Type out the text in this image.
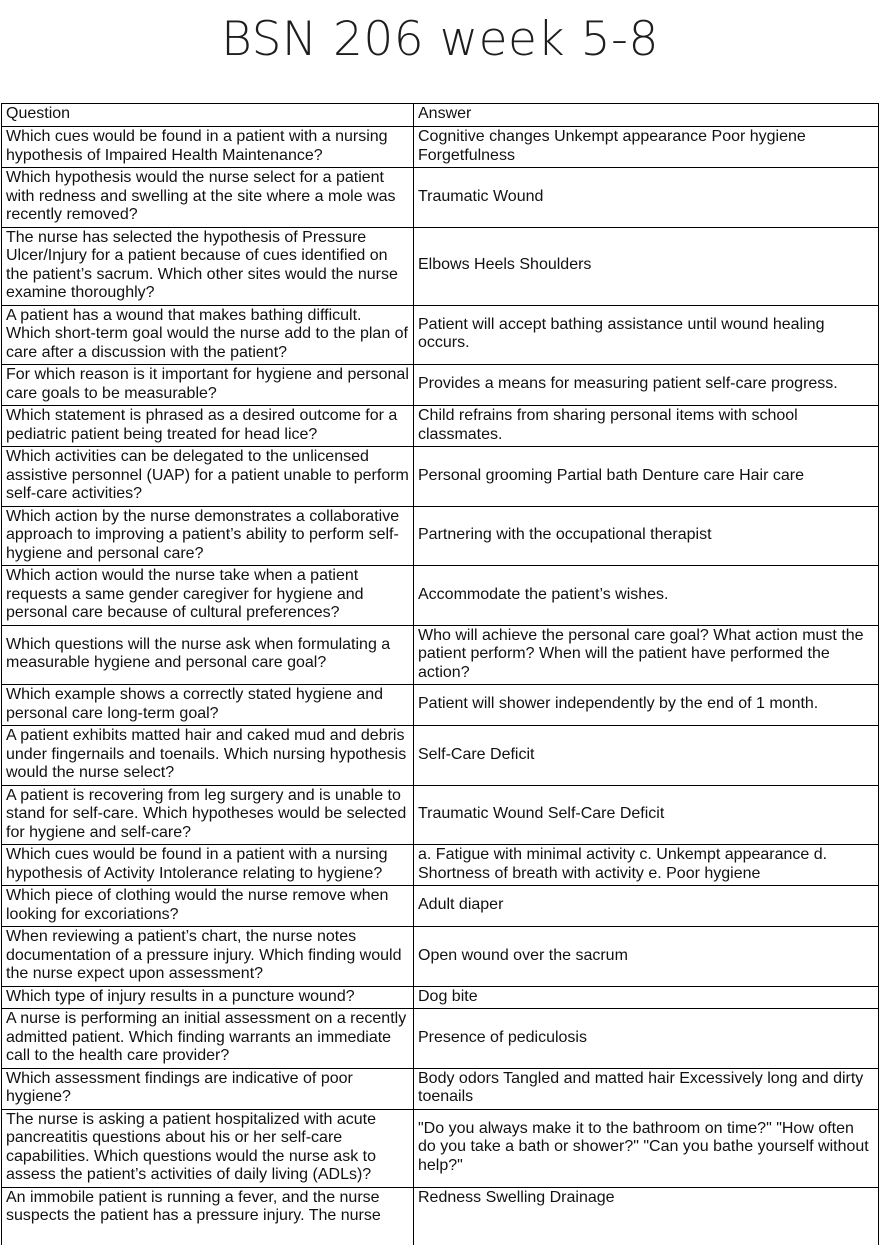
BSN 206 week 5-8
Question	Answer
Which cues would be found in a patient with a nursing hypothesis of Impaired Health Maintenance?	Cognitive changes Unkempt appearance Poor hygiene Forgetfulness
Which hypothesis would the nurse select for a patient with redness and swelling at the site where a mole was recently removed?	Traumatic Wound
The nurse has selected the hypothesis of Pressure Ulcer/Injury for a patient because of cues identified on the patient’s sacrum. Which other sites would the nurse examine thoroughly?	Elbows Heels Shoulders
A patient has a wound that makes bathing difficult. Which short-term goal would the nurse add to the plan of care after a discussion with the patient?	Patient will accept bathing assistance until wound healing occurs.
For which reason is it important for hygiene and personal care goals to be measurable?	Provides a means for measuring patient self-care progress.
Which statement is phrased as a desired outcome for a pediatric patient being treated for head lice?	Child refrains from sharing personal items with school classmates.
Which activities can be delegated to the unlicensed assistive personnel (UAP) for a patient unable to perform self-care activities?	Personal grooming Partial bath Denture care Hair care
Which action by the nurse demonstrates a collaborative approach to improving a patient’s ability to perform self-hygiene and personal care?	Partnering with the occupational therapist
Which action would the nurse take when a patient requests a same gender caregiver for hygiene and personal care because of cultural preferences?	Accommodate the patient’s wishes.
Which questions will the nurse ask when formulating a measurable hygiene and personal care goal?	Who will achieve the personal care goal? What action must the patient perform? When will the patient have performed the action?
Which example shows a correctly stated hygiene and personal care long-term goal?	Patient will shower independently by the end of 1 month.
A patient exhibits matted hair and caked mud and debris under fingernails and toenails. Which nursing hypothesis would the nurse select?	Self-Care Deficit
A patient is recovering from leg surgery and is unable to stand for self-care. Which hypotheses would be selected for hygiene and self-care?	Traumatic Wound Self-Care Deficit
Which cues would be found in a patient with a nursing hypothesis of Activity Intolerance relating to hygiene?	a. Fatigue with minimal activity c. Unkempt appearance d. Shortness of breath with activity e. Poor hygiene
Which piece of clothing would the nurse remove when looking for excoriations?	Adult diaper
When reviewing a patient’s chart, the nurse notes documentation of a pressure injury. Which finding would the nurse expect upon assessment?	Open wound over the sacrum
Which type of injury results in a puncture wound?	Dog bite
A nurse is performing an initial assessment on a recently admitted patient. Which finding warrants an immediate call to the health care provider?	Presence of pediculosis
Which assessment findings are indicative of poor hygiene?	Body odors Tangled and matted hair Excessively long and dirty toenails
The nurse is asking a patient hospitalized with acute pancreatitis questions about his or her self-care capabilities. Which questions would the nurse ask to assess the patient’s activities of daily living (ADLs)?	"Do you always make it to the bathroom on time?" "How often do you take a bath or shower?" "Can you bathe yourself without help?"
An immobile patient is running a fever, and the nurse suspects the patient has a pressure injury. The nurse	Redness Swelling Drainage
